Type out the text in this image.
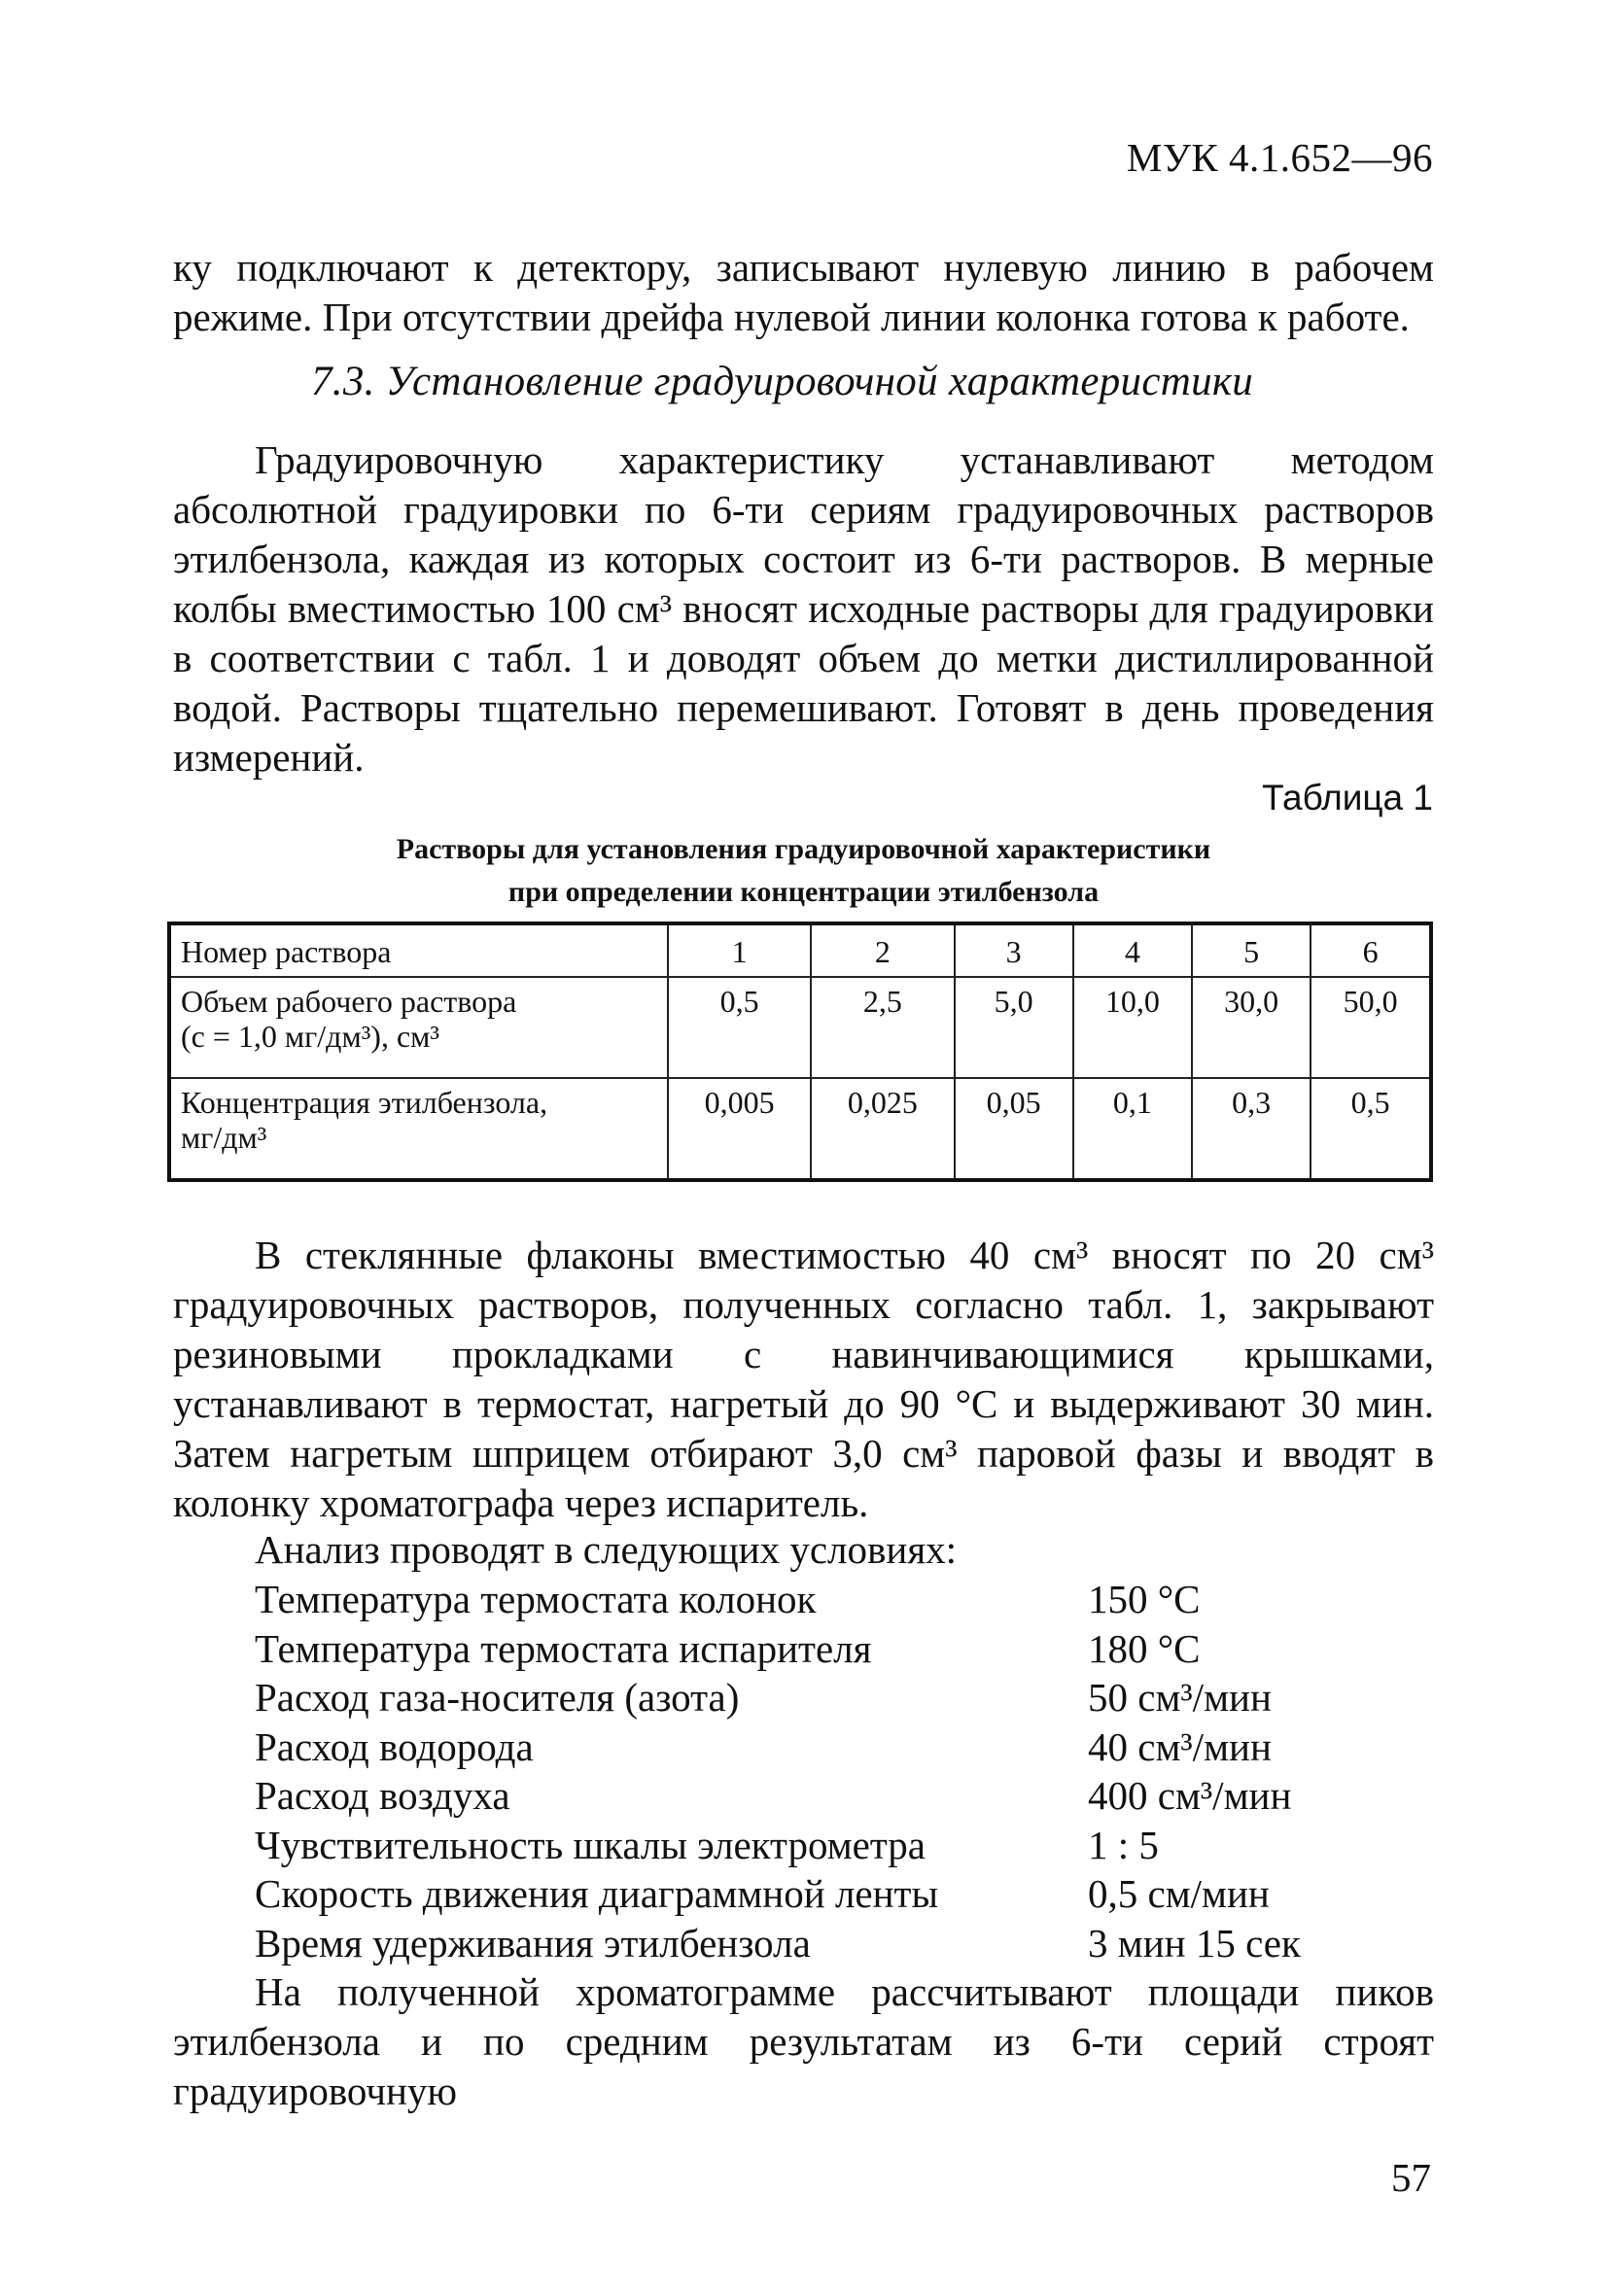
МУК 4.1.652—96
ку подключают к детектору, записывают нулевую линию в рабочем режиме. При отсутствии дрейфа нулевой линии колонка готова к работе.
7.3. Установление градуировочной характеристики
Градуировочную характеристику устанавливают методом абсолютной градуировки по 6-ти сериям градуировочных растворов этилбензола, каждая из которых состоит из 6-ти растворов. В мерные колбы вместимостью 100 см³ вносят исходные растворы для градуировки в соответствии с табл. 1 и доводят объем до метки дистиллированной водой. Растворы тщательно перемешивают. Готовят в день проведения измерений.
Таблица 1
Растворы для установления градуировочной характеристики
при определении концентрации этилбензола
Номер раствора	1	2	3	4	5	6

Объем рабочего раствора
(с = 1,0 мг/дм³), см³	0,5	2,5	5,0	10,0	30,0	50,0

Концентрация этилбензола,
мг/дм³	0,005	0,025	0,05	0,1	0,3	0,5
В стеклянные флаконы вместимостью 40 см³ вносят по 20 см³ градуировочных растворов, полученных согласно табл. 1, закрывают резиновыми прокладками с навинчивающимися крышками, устанавливают в термостат, нагретый до 90 °С и выдерживают 30 мин. Затем нагретым шприцем отбирают 3,0 см³ паровой фазы и вводят в колонку хроматографа через испаритель.
Анализ проводят в следующих условиях:
Температура термостата колонок	150 °С
Температура термостата испарителя	180 °С
Расход газа-носителя (азота)	50 см³/мин
Расход водорода	40 см³/мин
Расход воздуха	400 см³/мин
Чувствительность шкалы электрометра	1 : 5
Скорость движения диаграммной ленты	0,5 см/мин
Время удерживания этилбензола	3 мин 15 сек
На полученной хроматограмме рассчитывают площади пиков этилбензола и по средним результатам из 6-ти серий строят градуировочную
57
